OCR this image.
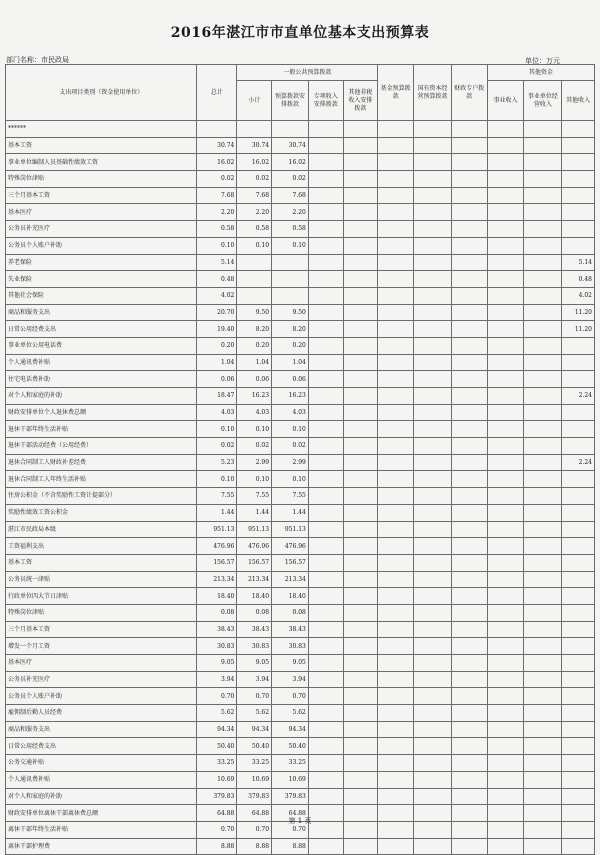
2016年湛江市市直单位基本支出预算表
部门名称：市民政局	单位：万元
支出项目类别（资金使用单位）	总计	一般公共预算拨款				基金预算拨款	国有资本经营预算拨款	财政专户拨款	其他资金		
		小计	预算拨款安排拨款	专项收入安排拨款	其他非税收入安排拨款				事业收入	事业单位经营收入	其他收入

******											
基本工资	30.74	30.74	30.74								
事业单位编制人员基础性绩效工资	16.02	16.02	16.02								
特殊岗位津贴	0.02	0.02	0.02								
三个月基本工资	7.68	7.68	7.68								
基本医疗	2.20	2.20	2.20								
公务员补充医疗	0.58	0.58	0.58								
公务员个人账户补助	0.10	0.10	0.10								
养老保险	5.14										5.14
失业保险	0.48										0.48
其他社会保险	4.02										4.02
商品和服务支出	20.70	9.50	9.50								11.20
日常公用经费支出	19.40	8.20	8.20								11.20
事业单位公用电话费	0.20	0.20	0.20								
个人通讯费补贴	1.04	1.04	1.04								
住宅电话费补助	0.06	0.06	0.06								
对个人和家庭的补助	18.47	16.23	16.23								2.24
财政安排单位个人退休费总额	4.03	4.03	4.03								
退休干部年终生活补贴	0.10	0.10	0.10								
退休干部活动经费（公用经费）	0.02	0.02	0.02								
退休合同制工人财政补差经费	5.23	2.99	2.99								2.24
退休合同制工人年终生活补贴	0.10	0.10	0.10								
住房公积金（不含奖励性工资计提部分）	7.55	7.55	7.55								
奖励性绩效工资公积金	1.44	1.44	1.44								
湛江市民政局本级	951.13	951.13	951.13								
工资福利支出	476.96	476.96	476.96								
基本工资	156.57	156.57	156.57								
公务员统一津贴	213.34	213.34	213.34								
行政单位四大节日津贴	18.40	18.40	18.40								
特殊岗位津贴	0.08	0.08	0.08								
三个月基本工资	38.43	38.43	38.43								
增发一个月工资	30.83	30.83	30.83								
基本医疗	9.05	9.05	9.05								
公务员补充医疗	3.94	3.94	3.94								
公务员个人账户补助	0.70	0.70	0.70								
雇佣制后勤人员经费	5.62	5.62	5.62								
商品和服务支出	94.34	94.34	94.34								
日常公用经费支出	50.40	50.40	50.40								
公务交通补贴	33.25	33.25	33.25								
个人通讯费补贴	10.69	10.69	10.69								
对个人和家庭的补助	379.83	379.83	379.83								
财政安排单位离休干部离休费总额	64.88	64.88	64.88								
离休干部年终生活补贴	0.70	0.70	0.70								
离休干部护理费	8.88	8.88	8.88								
第 1 页
